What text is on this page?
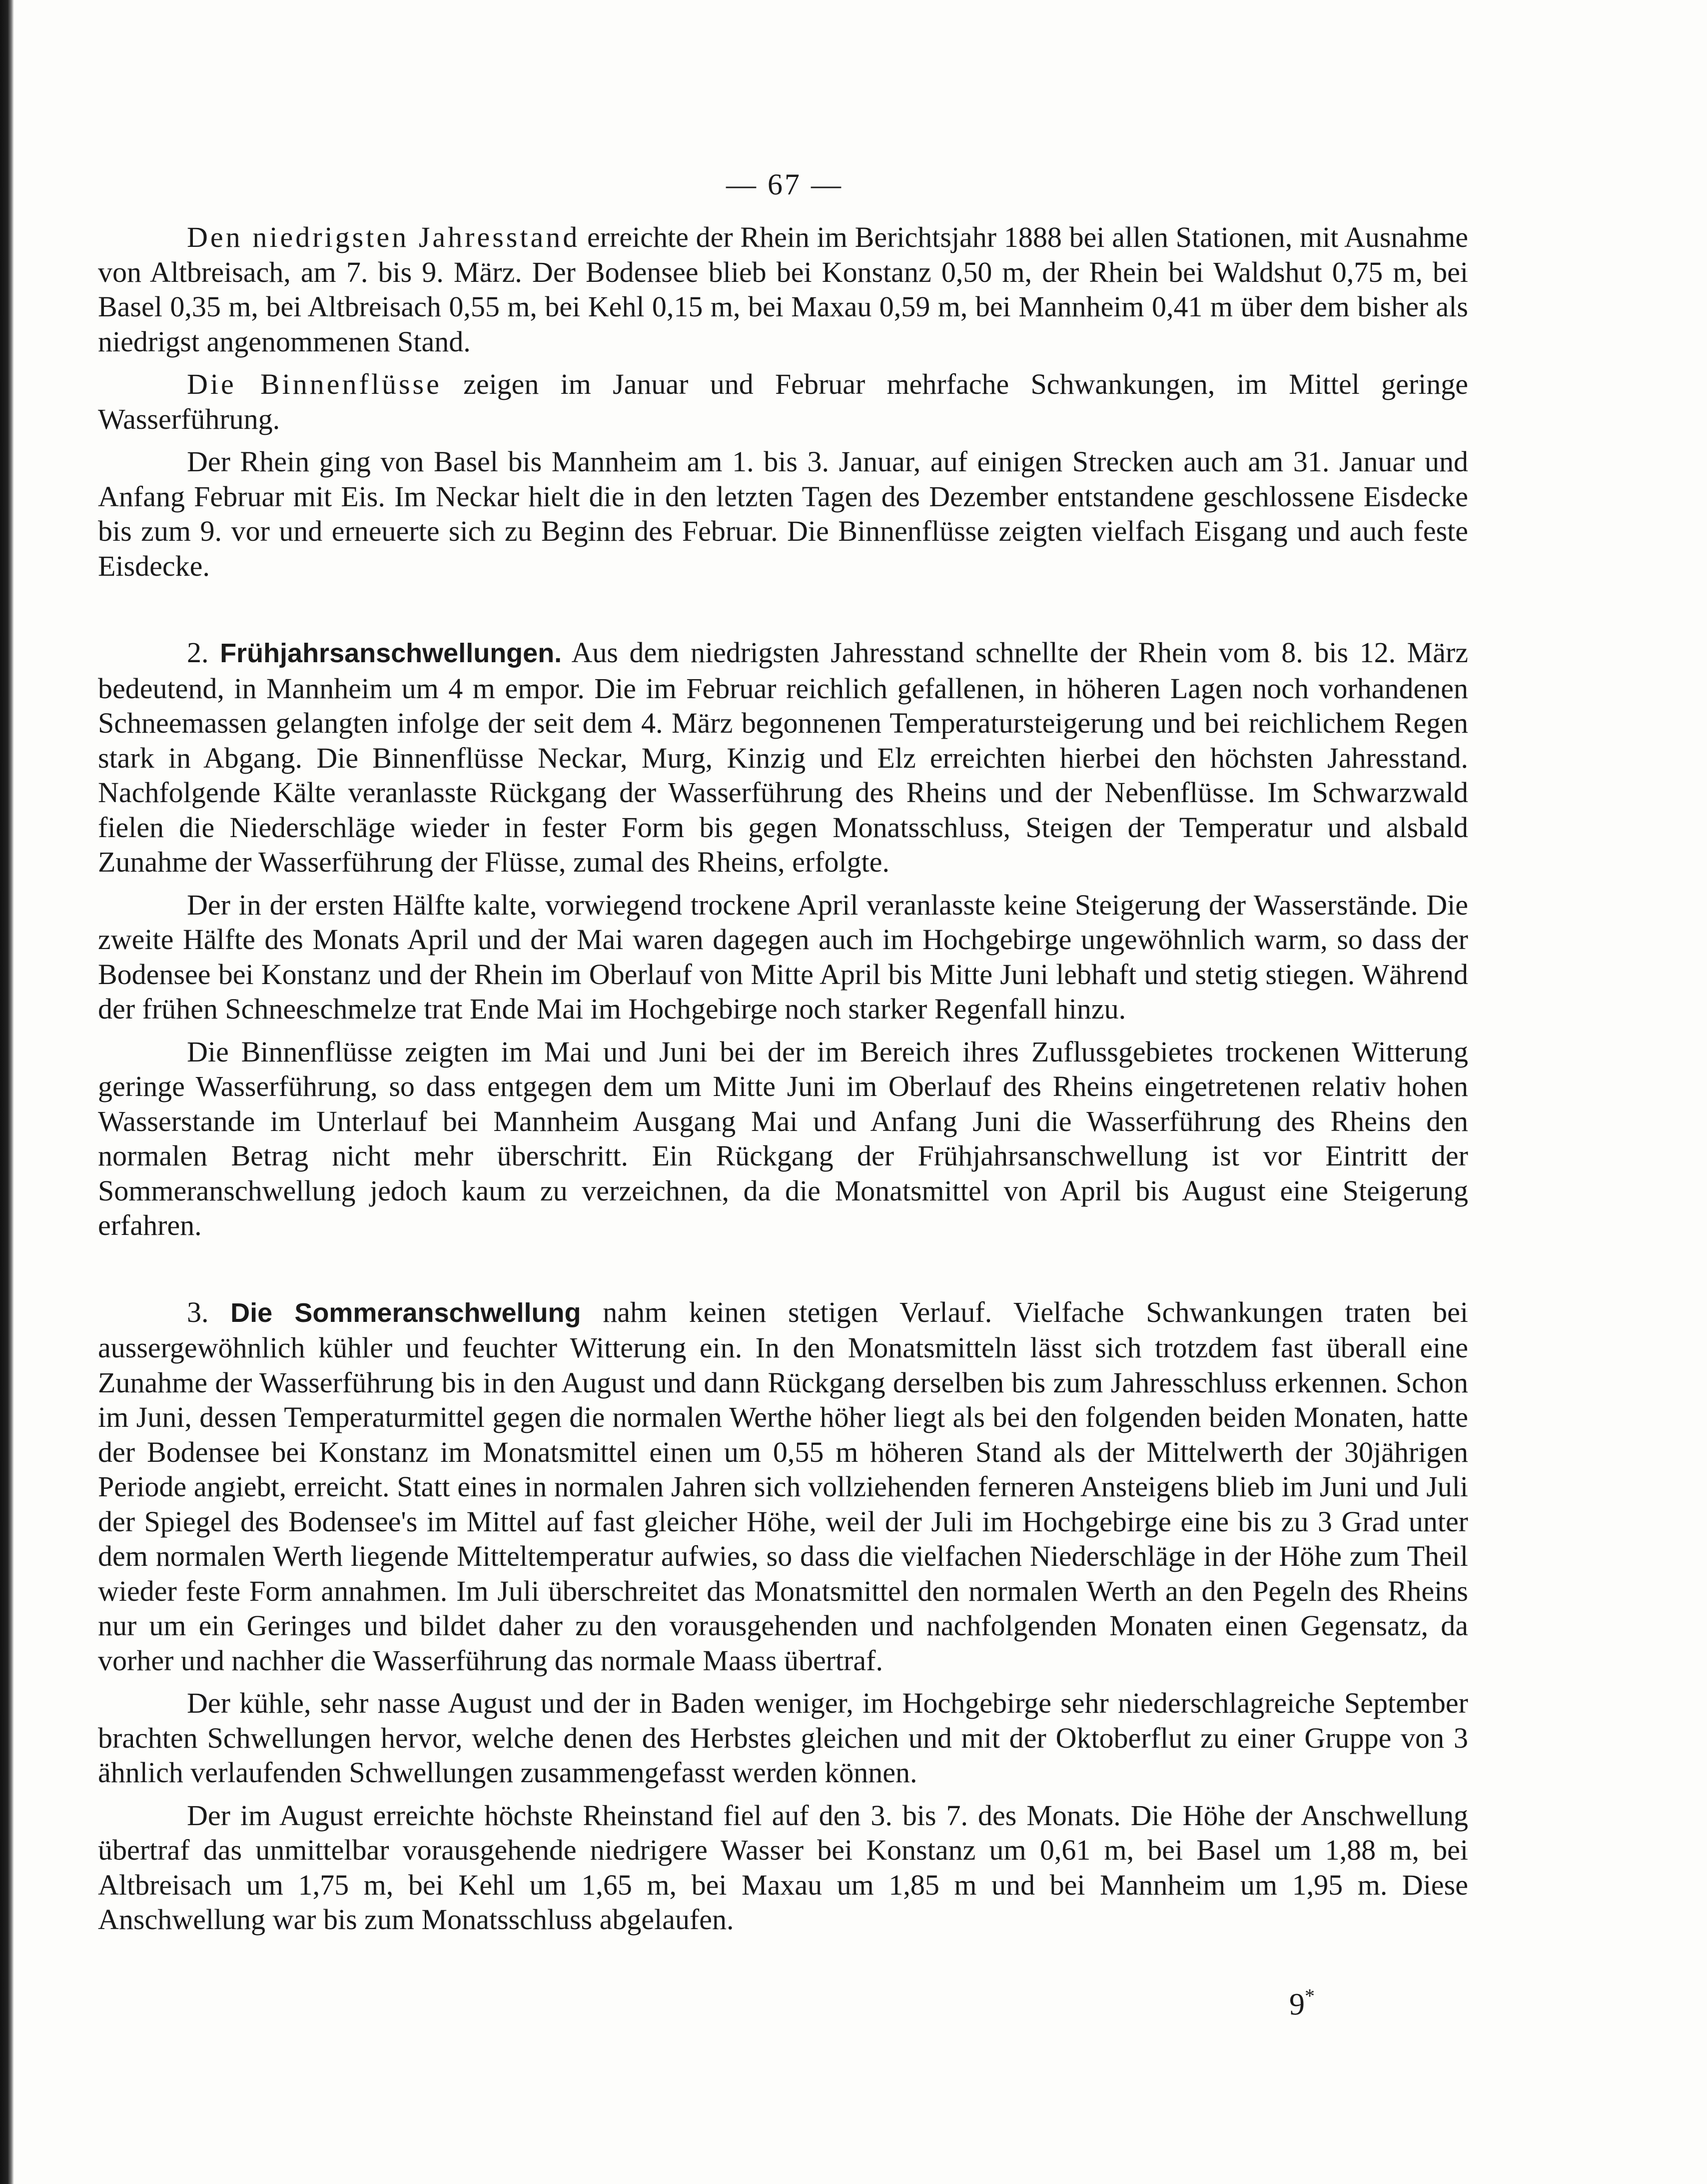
— 67 —

Den niedrigsten Jahresstand erreichte der Rhein im Berichtsjahr 1888 bei allen Stationen, mit Ausnahme von Altbreisach, am 7. bis 9. März. Der Bodensee blieb bei Konstanz 0,50 m, der Rhein bei Waldshut 0,75 m, bei Basel 0,35 m, bei Altbreisach 0,55 m, bei Kehl 0,15 m, bei Maxau 0,59 m, bei Mannheim 0,41 m über dem bisher als niedrigst angenommenen Stand.

Die Binnenflüsse zeigen im Januar und Februar mehrfache Schwankungen, im Mittel geringe Wasserführung.

Der Rhein ging von Basel bis Mannheim am 1. bis 3. Januar, auf einigen Strecken auch am 31. Januar und Anfang Februar mit Eis. Im Neckar hielt die in den letzten Tagen des Dezember entstandene geschlossene Eisdecke bis zum 9. vor und erneuerte sich zu Beginn des Februar. Die Binnenflüsse zeigten vielfach Eisgang und auch feste Eisdecke.

2. Frühjahrsanschwellungen. Aus dem niedrigsten Jahresstand schnellte der Rhein vom 8. bis 12. März bedeutend, in Mannheim um 4 m empor. Die im Februar reichlich gefallenen, in höheren Lagen noch vorhandenen Schneemassen gelangten infolge der seit dem 4. März begonnenen Temperatursteigerung und bei reichlichem Regen stark in Abgang. Die Binnenflüsse Neckar, Murg, Kinzig und Elz erreichten hierbei den höchsten Jahresstand. Nachfolgende Kälte veranlasste Rückgang der Wasserführung des Rheins und der Nebenflüsse. Im Schwarzwald fielen die Niederschläge wieder in fester Form bis gegen Monatsschluss, Steigen der Temperatur und alsbald Zunahme der Wasserführung der Flüsse, zumal des Rheins, erfolgte.

Der in der ersten Hälfte kalte, vorwiegend trockene April veranlasste keine Steigerung der Wasserstände. Die zweite Hälfte des Monats April und der Mai waren dagegen auch im Hochgebirge ungewöhnlich warm, so dass der Bodensee bei Konstanz und der Rhein im Oberlauf von Mitte April bis Mitte Juni lebhaft und stetig stiegen. Während der frühen Schneeschmelze trat Ende Mai im Hochgebirge noch starker Regenfall hinzu.

Die Binnenflüsse zeigten im Mai und Juni bei der im Bereich ihres Zuflussgebietes trockenen Witterung geringe Wasserführung, so dass entgegen dem um Mitte Juni im Oberlauf des Rheins eingetretenen relativ hohen Wasserstande im Unterlauf bei Mannheim Ausgang Mai und Anfang Juni die Wasserführung des Rheins den normalen Betrag nicht mehr überschritt. Ein Rückgang der Frühjahrsanschwellung ist vor Eintritt der Sommeranschwellung jedoch kaum zu verzeichnen, da die Monatsmittel von April bis August eine Steigerung erfahren.

3. Die Sommeranschwellung nahm keinen stetigen Verlauf. Vielfache Schwankungen traten bei aussergewöhnlich kühler und feuchter Witterung ein. In den Monatsmitteln lässt sich trotzdem fast überall eine Zunahme der Wasserführung bis in den August und dann Rückgang derselben bis zum Jahresschluss erkennen. Schon im Juni, dessen Temperaturmittel gegen die normalen Werthe höher liegt als bei den folgenden beiden Monaten, hatte der Bodensee bei Konstanz im Monatsmittel einen um 0,55 m höheren Stand als der Mittelwerth der 30jährigen Periode angiebt, erreicht. Statt eines in normalen Jahren sich vollziehenden ferneren Ansteigens blieb im Juni und Juli der Spiegel des Bodensee's im Mittel auf fast gleicher Höhe, weil der Juli im Hochgebirge eine bis zu 3 Grad unter dem normalen Werth liegende Mitteltemperatur aufwies, so dass die vielfachen Niederschläge in der Höhe zum Theil wieder feste Form annahmen. Im Juli überschreitet das Monatsmittel den normalen Werth an den Pegeln des Rheins nur um ein Geringes und bildet daher zu den vorausgehenden und nachfolgenden Monaten einen Gegensatz, da vorher und nachher die Wasserführung das normale Maass übertraf.

Der kühle, sehr nasse August und der in Baden weniger, im Hochgebirge sehr niederschlagreiche September brachten Schwellungen hervor, welche denen des Herbstes gleichen und mit der Oktoberflut zu einer Gruppe von 3 ähnlich verlaufenden Schwellungen zusammengefasst werden können.

Der im August erreichte höchste Rheinstand fiel auf den 3. bis 7. des Monats. Die Höhe der Anschwellung übertraf das unmittelbar vorausgehende niedrigere Wasser bei Konstanz um 0,61 m, bei Basel um 1,88 m, bei Altbreisach um 1,75 m, bei Kehl um 1,65 m, bei Maxau um 1,85 m und bei Mannheim um 1,95 m. Diese Anschwellung war bis zum Monatsschluss abgelaufen.

9*
